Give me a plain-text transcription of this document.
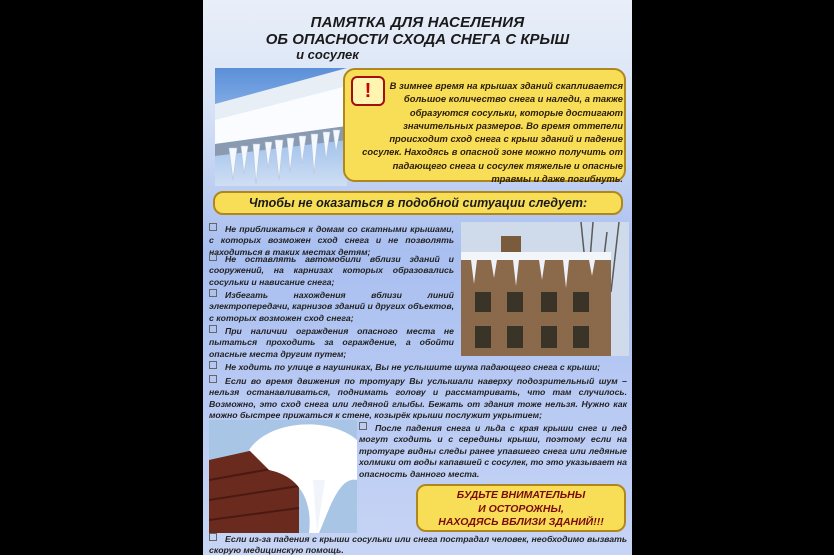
ПАМЯТКА ДЛЯ НАСЕЛЕНИЯ
ОБ ОПАСНОСТИ СХОДА СНЕГА С КРЫШ
и сосулек
!	В зимнее время на крышах зданий скапливается большое количество снега и наледи, а также образуются сосульки, которые достигают значительных размеров. Во время оттепели происходит сход снега с крыш зданий и падение сосулек. Находясь в опасной зоне можно получить от падающего снега и сосулек тяжелые и опасные травмы и даже погибнуть.

Чтобы не оказаться в подобной ситуации следует:

Не приближаться к домам со скатными крышами, с которых возможен сход снега и не позволять находиться в таких местах детям;

Не оставлять автомобили вблизи зданий и сооружений, на карнизах которых образовались сосульки и нависание снега;

Избегать нахождения вблизи линий электропередачи, карнизов зданий и других объектов, с которых возможен сход снега;

При наличии ограждения опасного места не пытаться проходить за ограждение, а обойти опасные места другим путем;

Не ходить по улице в наушниках, Вы не услышите шума падающего снега с крыши;

Если во время движения по тротуару Вы услышали наверху подозрительный шум – нельзя останавливаться, поднимать голову и рассматривать, что там случилось. Возможно, это сход снега или ледяной глыбы. Бежать от здания тоже нельзя. Нужно как можно быстрее прижаться к стене, козырёк крыши послужит укрытием;

После падения снега и льда с края крыши снег и лед могут сходить и с середины крыши, поэтому если на тротуаре видны следы ранее упавшего снега или ледяные холмики от воды капавшей с сосулек, то это указывает на опасность данного места.

БУДЬТЕ ВНИМАТЕЛЬНЫ
И ОСТОРОЖНЫ,
НАХОДЯСЬ ВБЛИЗИ ЗДАНИЙ!!!

Если из-за падения с крыши сосульки или снега пострадал человек, необходимо вызвать скорую медицинскую помощь.
